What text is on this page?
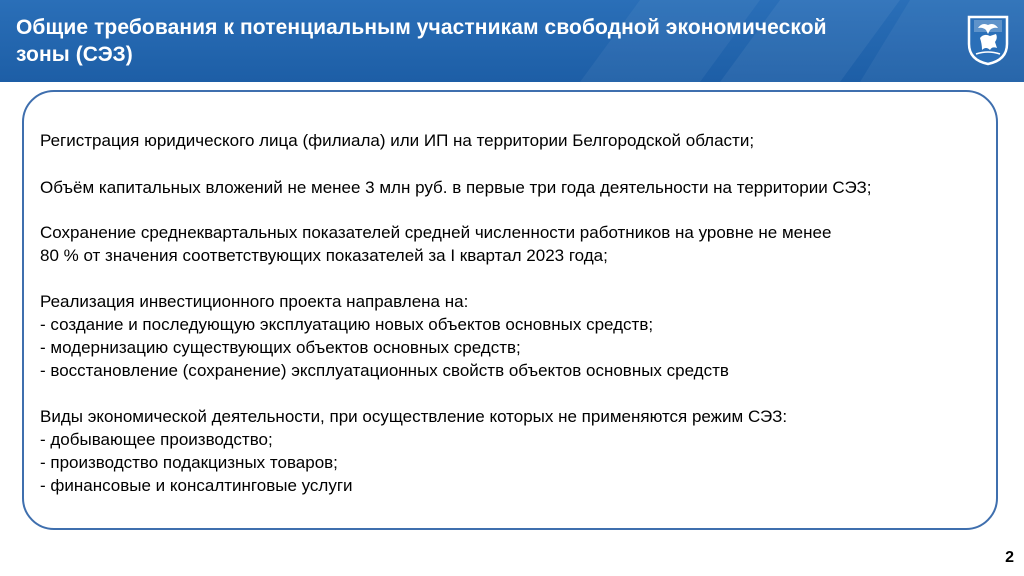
Общие требования к потенциальным участникам свободной экономической
зоны (СЭЗ)
Регистрация юридического лица (филиала) или ИП на территории Белгородской области;
Объём капитальных вложений не менее 3 млн руб. в первые три года деятельности на территории СЭЗ;
Сохранение среднеквартальных показателей средней численности работников на уровне не менее
80 % от значения соответствующих показателей за I квартал 2023 года;
Реализация инвестиционного проекта направлена на:
- создание и последующую эксплуатацию новых объектов основных средств;
- модернизацию существующих объектов основных средств;
- восстановление (сохранение) эксплуатационных свойств объектов основных средств
Виды экономической деятельности, при осуществление которых не применяются режим СЭЗ:
- добывающее производство;
- производство подакцизных товаров;
- финансовые и консалтинговые услуги
2
